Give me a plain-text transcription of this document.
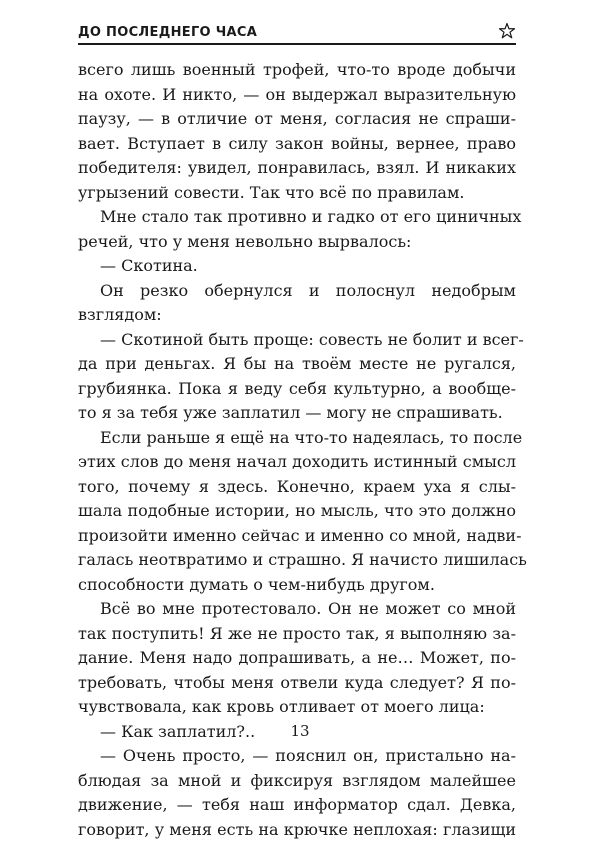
ДО ПОСЛЕДНЕГО ЧАСА
всего лишь военный трофей, что-то вроде добычи
на охоте. И никто, — он выдержал выразительную
паузу, — в отличие от меня, согласия не спраши-
вает. Вступает в силу закон войны, вернее, право
победителя: увидел, понравилась, взял. И никаких
угрызений совести. Так что всё по правилам.
Мне стало так противно и гадко от его циничных
речей, что у меня невольно вырвалось:
— Скотина.
Он резко обернулся и полоснул недобрым
взглядом:
— Скотиной быть проще: совесть не болит и всег-
да при деньгах. Я бы на твоём месте не ругался,
грубиянка. Пока я веду себя культурно, а вообще-
то я за тебя уже заплатил — могу не спрашивать.
Если раньше я ещё на что-то надеялась, то после
этих слов до меня начал доходить истинный смысл
того, почему я здесь. Конечно, краем уха я слы-
шала подобные истории, но мысль, что это должно
произойти именно сейчас и именно со мной, надви-
галась неотвратимо и страшно. Я начисто лишилась
способности думать о чем-нибудь другом.
Всё во мне протестовало. Он не может со мной
так поступить! Я же не просто так, я выполняю за-
дание. Меня надо допрашивать, а не… Может, по-
требовать, чтобы меня отвели куда следует? Я по-
чувствовала, как кровь отливает от моего лица:
— Как заплатил?..
— Очень просто, — пояснил он, пристально на-
блюдая за мной и фиксируя взглядом малейшее
движение, — тебя наш информатор сдал. Девка,
говорит, у меня есть на крючке неплохая: глазищи
13
